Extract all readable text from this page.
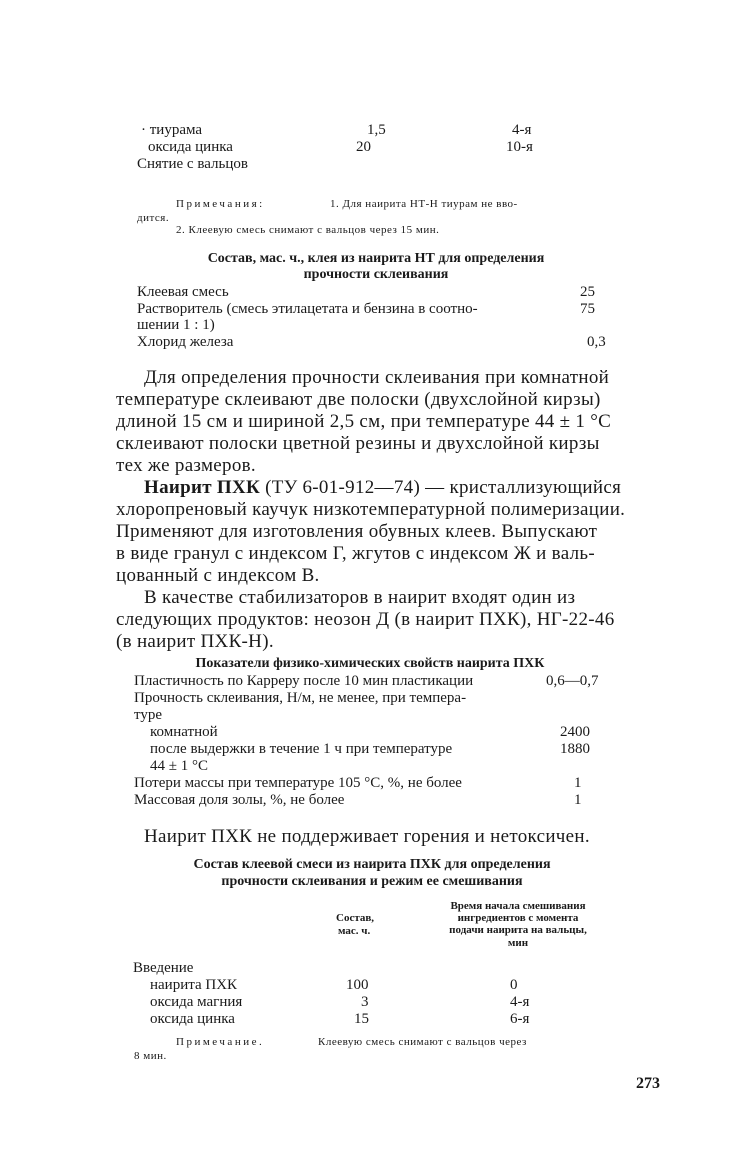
· тиурама	1,5	4-я
оксида цинка	20	10-я
Снятие с вальцов
Примечания:	1. Для наирита НТ-Н тиурам не вво-
дится.
2. Клеевую смесь снимают с вальцов через 15 мин.
Состав, мас. ч., клея из наирита НТ для определения
прочности склеивания
Клеевая смесь	25
Растворитель (смесь этилацетата и бензина в соотно-	75
шении 1 : 1)
Хлорид железа	0,3
Для определения прочности склеивания при комнатной
температуре склеивают две полоски (двухслойной кирзы)
длиной 15 см и шириной 2,5 см, при температуре 44 ± 1 °С
склеивают полоски цветной резины и двухслойной кирзы
тех же размеров.
Наирит ПХК (ТУ 6-01-912—74) — кристаллизующийся
хлоропреновый каучук низкотемпературной полимеризации.
Применяют для изготовления обувных клеев. Выпускают
в виде гранул с индексом Г, жгутов с индексом Ж и валь-
цованный с индексом В.
В качестве стабилизаторов в наирит входят один из
следующих продуктов: неозон Д (в наирит ПХК), НГ-22-46
(в наирит ПХК-Н).
Показатели физико-химических свойств наирита ПХК
Пластичность по Карреру после 10 мин пластикации	0,6—0,7
Прочность склеивания, Н/м, не менее, при темпера-
туре
комнатной	2400
после выдержки в течение 1 ч при температуре	1880
44 ± 1 °С
Потери массы при температуре 105 °С, %, не более	1
Массовая доля золы, %, не более	1
Наирит ПХК не поддерживает горения и нетоксичен.
Состав клеевой смеси из наирита ПХК для определения
прочности склеивания и режим ее смешивания
Состав,
мас. ч.
Время начала смешивания
ингредиентов с момента
подачи наирита на вальцы,
мин
Введение
наирита ПХК	100	0
оксида магния	3	4-я
оксида цинка	15	6-я
Примечание.	Клеевую смесь снимают с вальцов через
8 мин.
273
